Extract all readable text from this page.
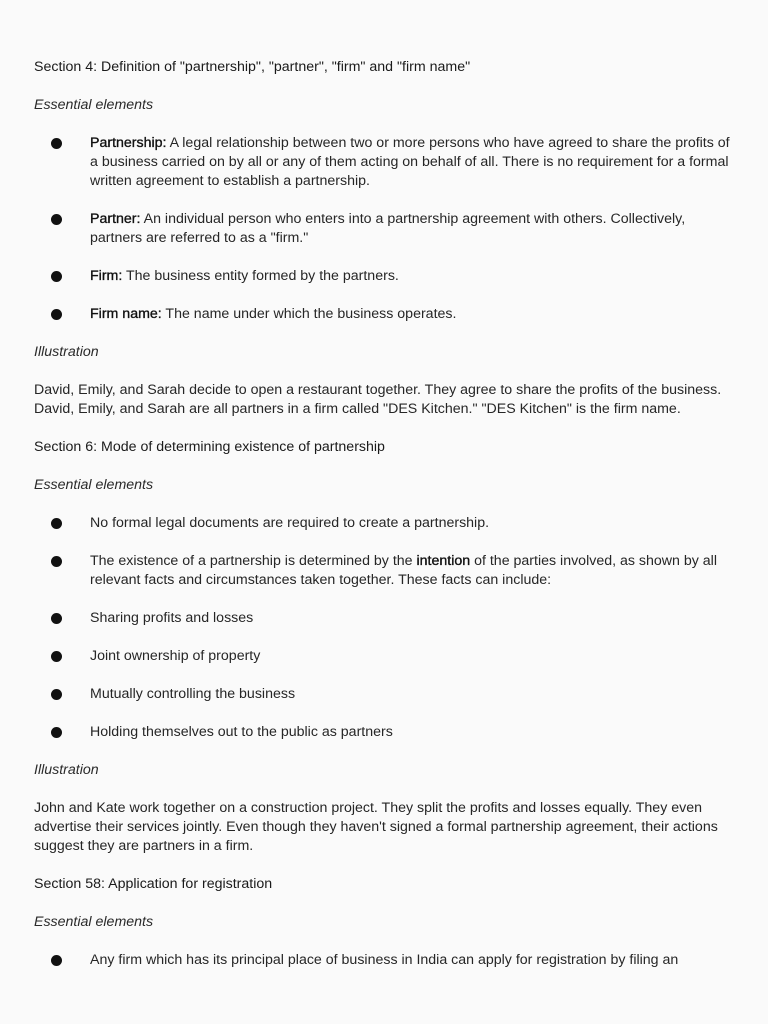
Section 4: Definition of "partnership", "partner", "firm" and "firm name"
Essential elements
Partnership: A legal relationship between two or more persons who have agreed to share the profits of a business carried on by all or any of them acting on behalf of all. There is no requirement for a formal written agreement to establish a partnership.
Partner: An individual person who enters into a partnership agreement with others. Collectively, partners are referred to as a "firm."
Firm: The business entity formed by the partners.
Firm name: The name under which the business operates.
Illustration
David, Emily, and Sarah decide to open a restaurant together. They agree to share the profits of the business. David, Emily, and Sarah are all partners in a firm called "DES Kitchen." "DES Kitchen" is the firm name.
Section 6: Mode of determining existence of partnership
Essential elements
No formal legal documents are required to create a partnership.
The existence of a partnership is determined by the intention of the parties involved, as shown by all relevant facts and circumstances taken together. These facts can include:
Sharing profits and losses
Joint ownership of property
Mutually controlling the business
Holding themselves out to the public as partners
Illustration
John and Kate work together on a construction project. They split the profits and losses equally. They even advertise their services jointly. Even though they haven't signed a formal partnership agreement, their actions suggest they are partners in a firm.
Section 58: Application for registration
Essential elements
Any firm which has its principal place of business in India can apply for registration by filing an
